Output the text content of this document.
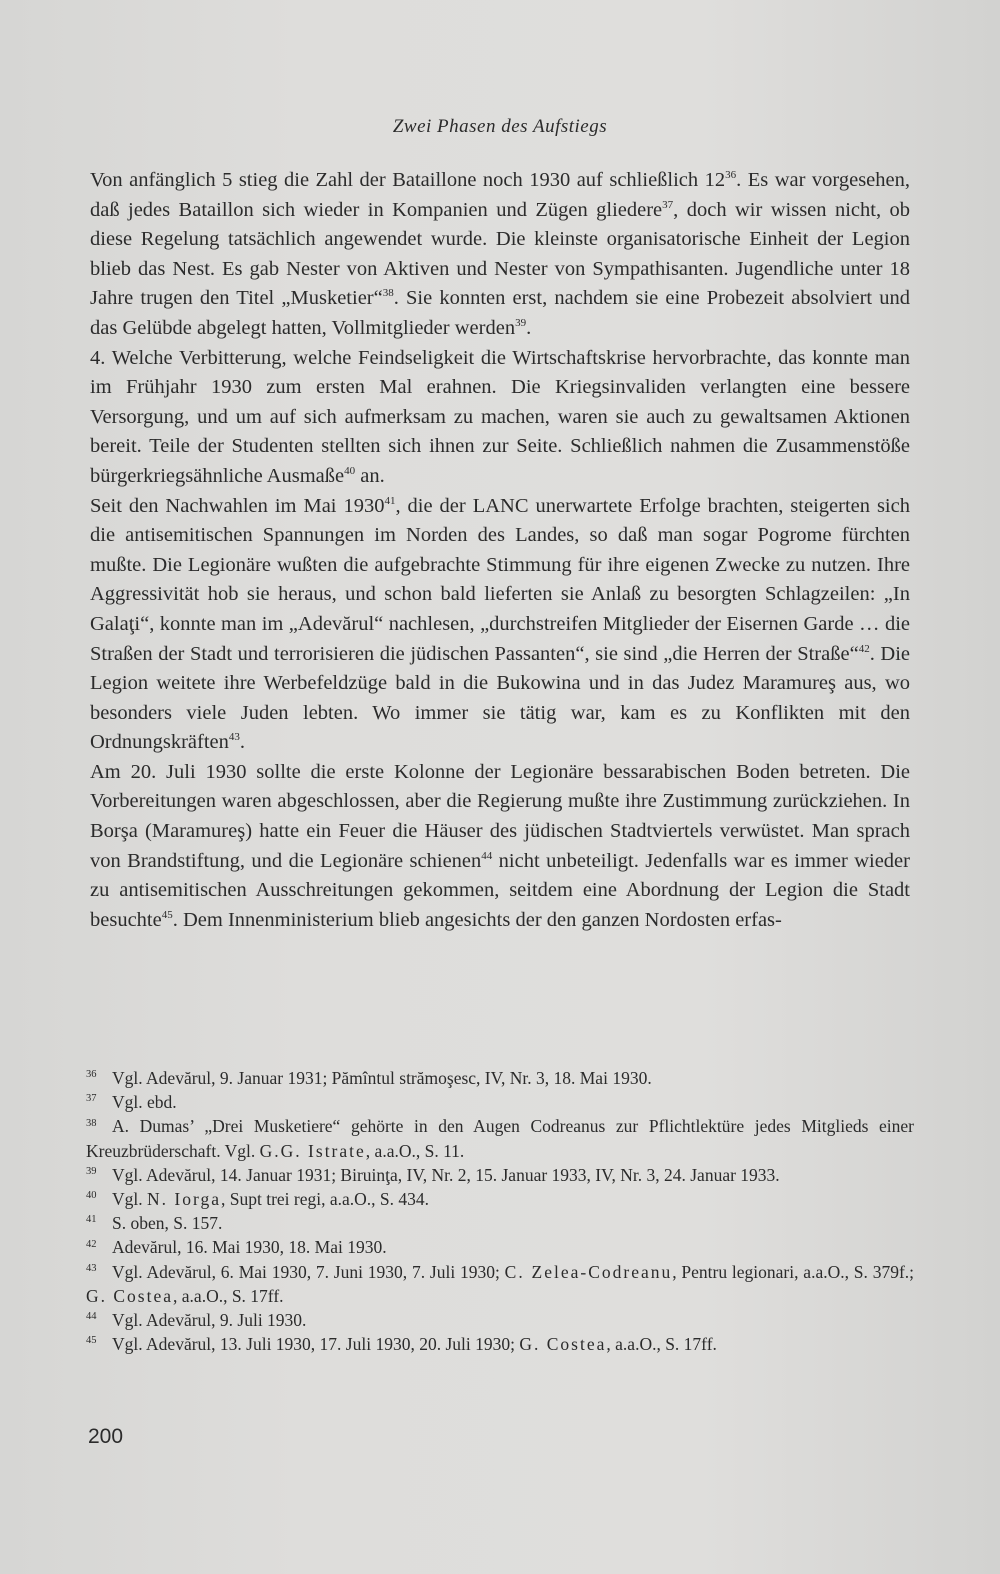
Zwei Phasen des Aufstiegs

Von anfänglich 5 stieg die Zahl der Bataillone noch 1930 auf schließlich $12^{36}$. Es war vorgesehen, daß jedes Bataillon sich wieder in Kompanien und Zügen gliedere$^{37}$, doch wir wissen nicht, ob diese Regelung tatsächlich angewendet wurde. Die kleinste organisatorische Einheit der Legion blieb das Nest. Es gab Nester von Aktiven und Nester von Sympathisanten. Jugendliche unter 18 Jahre trugen den Titel „Musketier“$^{38}$. Sie konnten erst, nachdem sie eine Probezeit absolviert und das Gelübde abgelegt hatten, Vollmitglieder werden$^{39}$.

4. Welche Verbitterung, welche Feindseligkeit die Wirtschaftskrise hervorbrachte, das konnte man im Frühjahr 1930 zum ersten Mal erahnen. Die Kriegsinvaliden verlangten eine bessere Versorgung, und um auf sich aufmerksam zu machen, waren sie auch zu gewaltsamen Aktionen bereit. Teile der Studenten stellten sich ihnen zur Seite. Schließlich nahmen die Zusammenstöße bürgerkriegsähnliche Ausmaße$^{40}$ an.

Seit den Nachwahlen im Mai 1930$^{41}$, die der LANC unerwartete Erfolge brachten, steigerten sich die antisemitischen Spannungen im Norden des Landes, so daß man sogar Pogrome fürchten mußte. Die Legionäre wußten die aufgebrachte Stimmung für ihre eigenen Zwecke zu nutzen. Ihre Aggressivität hob sie heraus, und schon bald lieferten sie Anlaß zu besorgten Schlagzeilen: „In Galaţi“, konnte man im „Adevărul“ nachlesen, „durchstreifen Mitglieder der Eisernen Garde … die Straßen der Stadt und terrorisieren die jüdischen Passanten“, sie sind „die Herren der Straße“$^{42}$. Die Legion weitete ihre Werbefeldzüge bald in die Bukowina und in das Judez Maramureş aus, wo besonders viele Juden lebten. Wo immer sie tätig war, kam es zu Konflikten mit den Ordnungskräften$^{43}$.

Am 20. Juli 1930 sollte die erste Kolonne der Legionäre bessarabischen Boden betreten. Die Vorbereitungen waren abgeschlossen, aber die Regierung mußte ihre Zustimmung zurückziehen. In Borşa (Maramureş) hatte ein Feuer die Häuser des jüdischen Stadtviertels verwüstet. Man sprach von Brandstiftung, und die Legionäre schienen$^{44}$ nicht unbeteiligt. Jedenfalls war es immer wieder zu antisemitischen Ausschreitungen gekommen, seitdem eine Abordnung der Legion die Stadt besuchte$^{45}$. Dem Innenministerium blieb angesichts der den ganzen Nordosten erfas-

36 Vgl. Adevărul, 9. Januar 1931; Pămîntul strămoşesc, IV, Nr. 3, 18. Mai 1930.

37 Vgl. ebd.

38 A. Dumas’ „Drei Musketiere“ gehörte in den Augen Codreanus zur Pflichtlektüre jedes Mitglieds einer Kreuzbrüderschaft. Vgl. G.G. Istrate, a.a.O., S. 11.

39 Vgl. Adevărul, 14. Januar 1931; Biruinţa, IV, Nr. 2, 15. Januar 1933, IV, Nr. 3, 24. Januar 1933.

40 Vgl. N. Iorga, Supt trei regi, a.a.O., S. 434.

41 S. oben, S. 157.

42 Adevărul, 16. Mai 1930, 18. Mai 1930.

43 Vgl. Adevărul, 6. Mai 1930, 7. Juni 1930, 7. Juli 1930; C. Zelea-Codreanu, Pentru legionari, a.a.O., S. 379f.; G. Costea, a.a.O., S. 17ff.

44 Vgl. Adevărul, 9. Juli 1930.

45 Vgl. Adevărul, 13. Juli 1930, 17. Juli 1930, 20. Juli 1930; G. Costea, a.a.O., S. 17ff.

200
